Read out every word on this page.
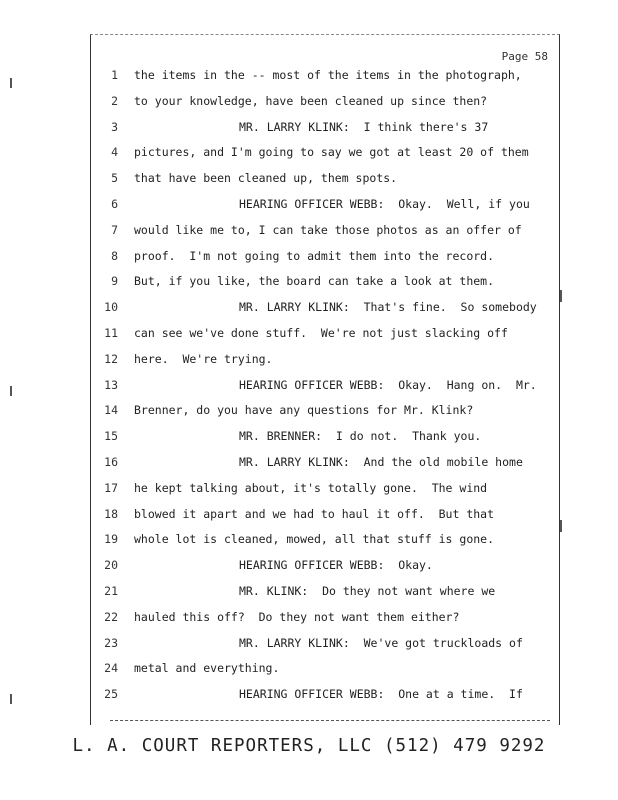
Page 58
1 the items in the -- most of the items in the photograph,
2 to your knowledge, have been cleaned up since then?
3	MR. LARRY KLINK:  I think there's 37
4 pictures, and I'm going to say we got at least 20 of them
5 that have been cleaned up, them spots.
6	HEARING OFFICER WEBB:  Okay.  Well, if you
7 would like me to, I can take those photos as an offer of
8 proof.  I'm not going to admit them into the record.
9 But, if you like, the board can take a look at them.
10	MR. LARRY KLINK:  That's fine.  So somebody
11 can see we've done stuff.  We're not just slacking off
12 here.  We're trying.
13	HEARING OFFICER WEBB:  Okay.  Hang on.  Mr.
14 Brenner, do you have any questions for Mr. Klink?
15	MR. BRENNER:  I do not.  Thank you.
16	MR. LARRY KLINK:  And the old mobile home
17 he kept talking about, it's totally gone.  The wind
18 blowed it apart and we had to haul it off.  But that
19 whole lot is cleaned, mowed, all that stuff is gone.
20	HEARING OFFICER WEBB:  Okay.
21	MR. KLINK:  Do they not want where we
22 hauled this off?  Do they not want them either?
23	MR. LARRY KLINK:  We've got truckloads of
24 metal and everything.
25	HEARING OFFICER WEBB:  One at a time.  If
L. A. COURT REPORTERS, LLC (512) 479 9292
